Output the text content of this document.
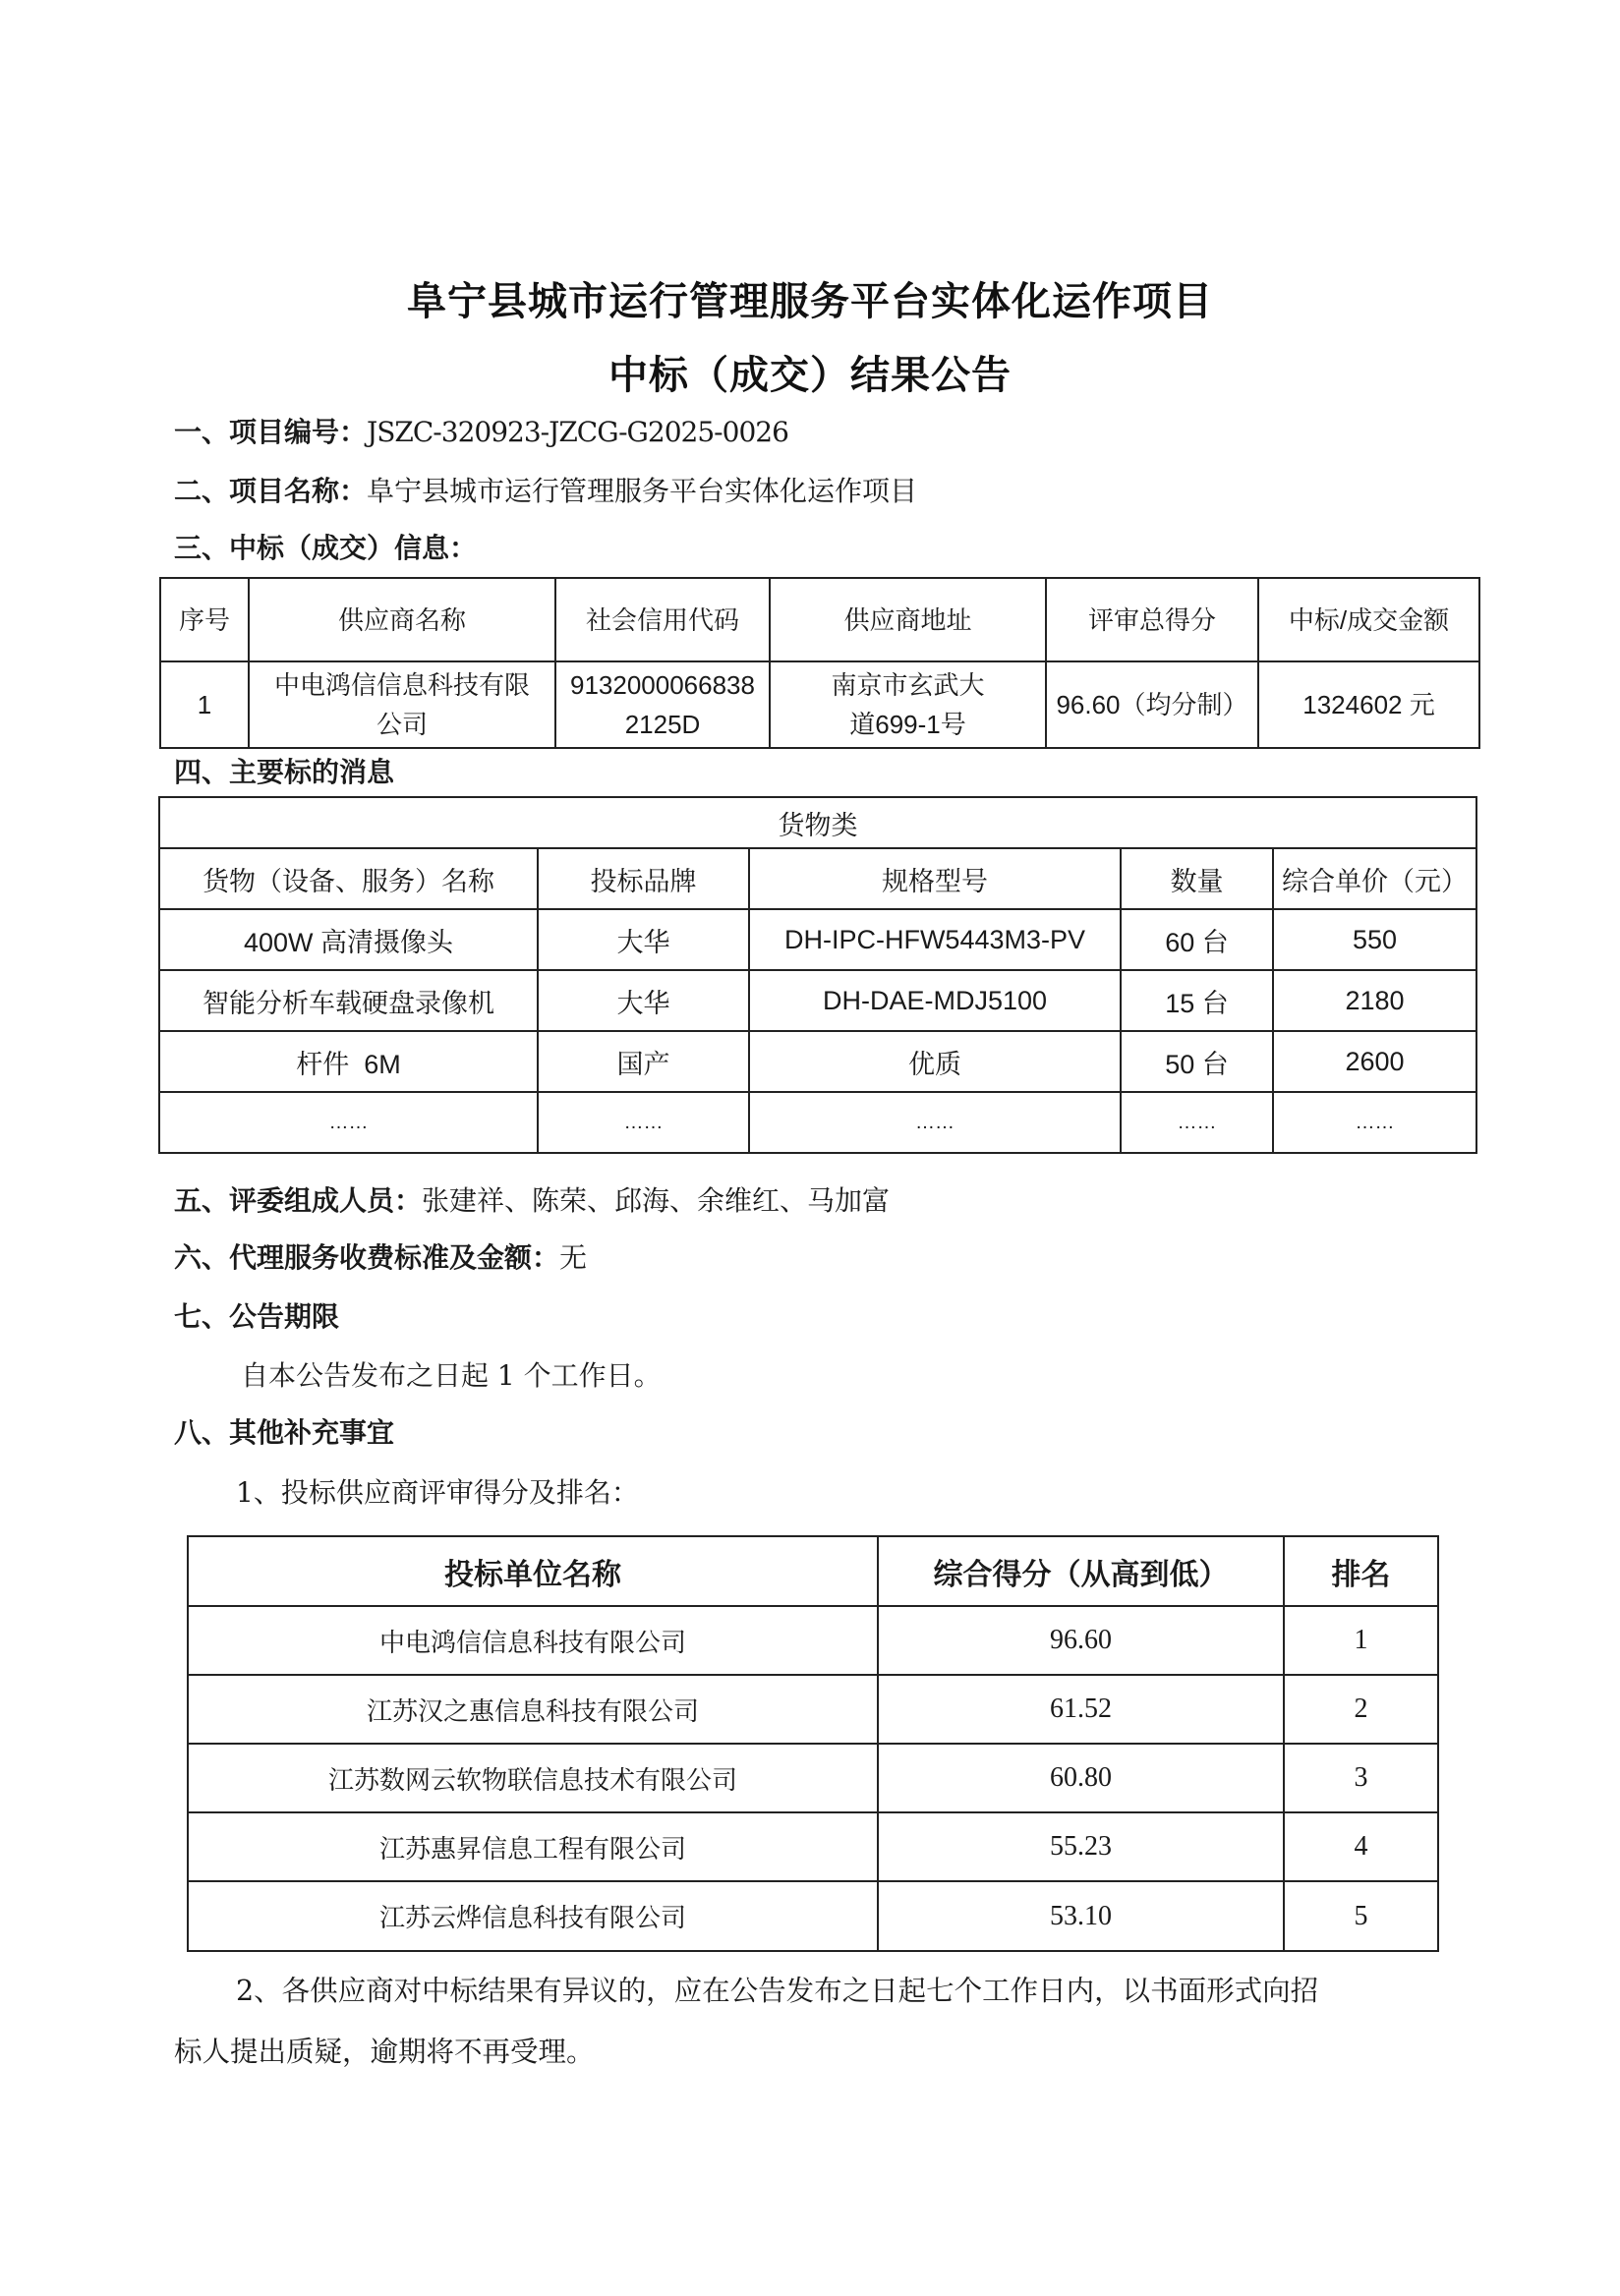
阜宁县城市运行管理服务平台实体化运作项目
中标（成交）结果公告
一、项目编号：JSZC-320923-JZCG-G2025-0026
二、项目名称：阜宁县城市运行管理服务平台实体化运作项目
三、中标（成交）信息：
序号	供应商名称	社会信用代码	供应商地址	评审总得分	中标/成交金额
1	中电鸿信信息科技有限公司	91320000668382125D	南京市玄武大道699-1号	96.60（均分制）	1324602 元
四、主要标的消息
货物类				
货物（设备、服务）名称	投标品牌	规格型号	数量	综合单价（元）
400W 高清摄像头	大华	DH-IPC-HFW5443M3-PV	60 台	550
智能分析车载硬盘录像机	大华	DH-DAE-MDJ5100	15 台	2180
杆件  6M	国产	优质	50 台	2600
……	……	……	……	……
五、评委组成人员：张建祥、陈荣、邱海、余维红、马加富
六、代理服务收费标准及金额：无
七、公告期限
自本公告发布之日起 1 个工作日。
八、其他补充事宜
1、投标供应商评审得分及排名：
投标单位名称	综合得分（从高到低）	排名
中电鸿信信息科技有限公司	96.60	1
江苏汉之惠信息科技有限公司	61.52	2
江苏数网云软物联信息技术有限公司	60.80	3
江苏惠昇信息工程有限公司	55.23	4
江苏云烨信息科技有限公司	53.10	5
2、各供应商对中标结果有异议的，应在公告发布之日起七个工作日内，以书面形式向招
标人提出质疑，逾期将不再受理。
